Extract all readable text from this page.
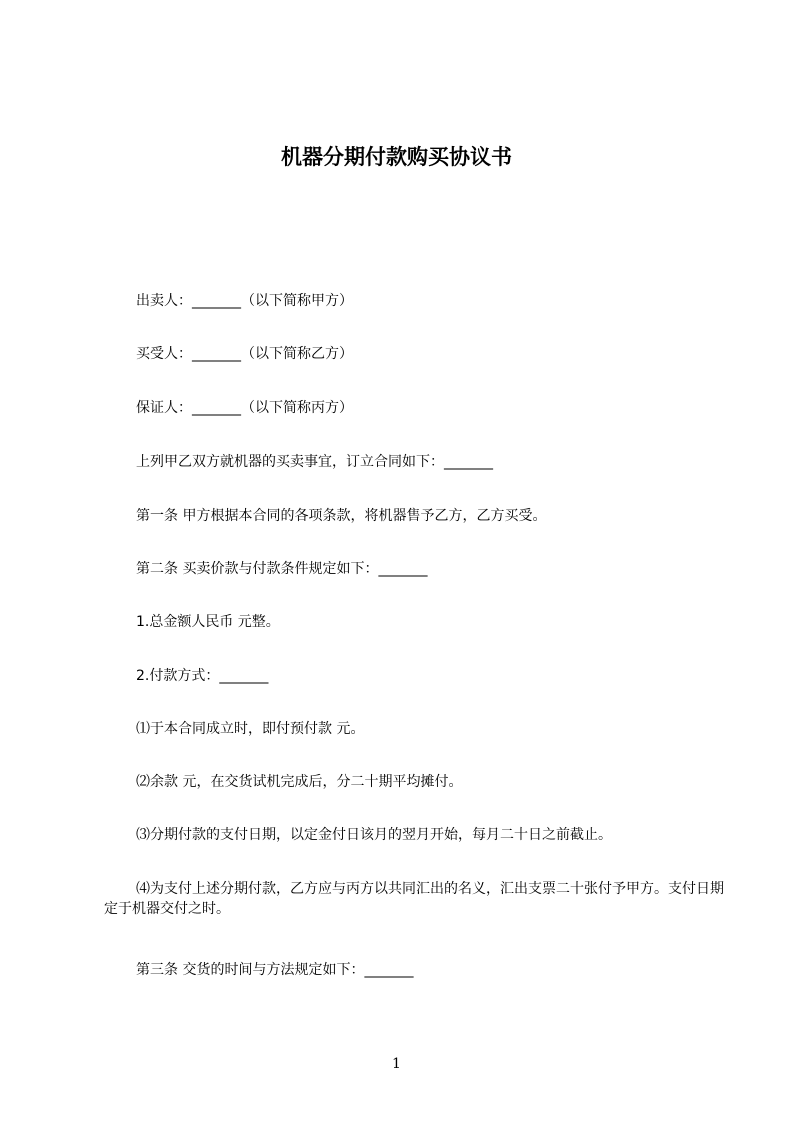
机器分期付款购买协议书
出卖人：_______（以下简称甲方）
买受人：_______（以下简称乙方）
保证人：_______（以下简称丙方）
上列甲乙双方就机器的买卖事宜，订立合同如下：_______
第一条 甲方根据本合同的各项条款，将机器售予乙方，乙方买受。
第二条 买卖价款与付款条件规定如下：_______
1.总金额人民币 元整。
2.付款方式：_______
⑴于本合同成立时，即付预付款 元。
⑵余款 元，在交货试机完成后，分二十期平均摊付。
⑶分期付款的支付日期，以定金付日该月的翌月开始，每月二十日之前截止。
⑷为支付上述分期付款，乙方应与丙方以共同汇出的名义，汇出支票二十张付予甲方。支付日期定于机器交付之时。
第三条 交货的时间与方法规定如下：_______
1
